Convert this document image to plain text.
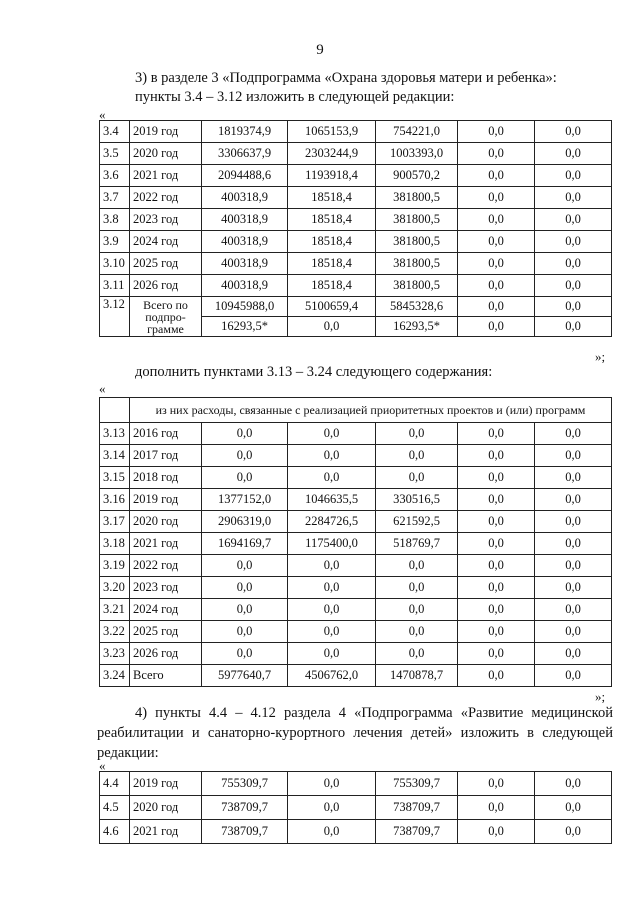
9
3) в разделе 3 «Подпрограмма «Охрана здоровья матери и ребенка»:
пункты 3.4 – 3.12 изложить в следующей редакции:
«
3.4	2019 год	1819374,9	1065153,9	754221,0	0,0	0,0
3.5	2020 год	3306637,9	2303244,9	1003393,0	0,0	0,0
3.6	2021 год	2094488,6	1193918,4	900570,2	0,0	0,0
3.7	2022 год	400318,9	18518,4	381800,5	0,0	0,0
3.8	2023 год	400318,9	18518,4	381800,5	0,0	0,0
3.9	2024 год	400318,9	18518,4	381800,5	0,0	0,0
3.10	2025 год	400318,9	18518,4	381800,5	0,0	0,0
3.11	2026 год	400318,9	18518,4	381800,5	0,0	0,0
3.12	Всего по
подпро-
грамме	10945988,0	5100659,4	5845328,6	0,0	0,0
		16293,5*	0,0	16293,5*	0,0	0,0
»;
дополнить пунктами 3.13 – 3.24 следующего содержания:
«
	из них расходы, связанные с реализацией приоритетных проектов и (или) программ					
3.13	2016 год	0,0	0,0	0,0	0,0	0,0
3.14	2017 год	0,0	0,0	0,0	0,0	0,0
3.15	2018 год	0,0	0,0	0,0	0,0	0,0
3.16	2019 год	1377152,0	1046635,5	330516,5	0,0	0,0
3.17	2020 год	2906319,0	2284726,5	621592,5	0,0	0,0
3.18	2021 год	1694169,7	1175400,0	518769,7	0,0	0,0
3.19	2022 год	0,0	0,0	0,0	0,0	0,0
3.20	2023 год	0,0	0,0	0,0	0,0	0,0
3.21	2024 год	0,0	0,0	0,0	0,0	0,0
3.22	2025 год	0,0	0,0	0,0	0,0	0,0
3.23	2026 год	0,0	0,0	0,0	0,0	0,0
3.24	Всего	5977640,7	4506762,0	1470878,7	0,0	0,0
»;
4) пункты 4.4 – 4.12 раздела 4 «Подпрограмма «Развитие медицинской реабилитации и санаторно-курортного лечения детей» изложить в следующей редакции:
«
4.4	2019 год	755309,7	0,0	755309,7	0,0	0,0
4.5	2020 год	738709,7	0,0	738709,7	0,0	0,0
4.6	2021 год	738709,7	0,0	738709,7	0,0	0,0
